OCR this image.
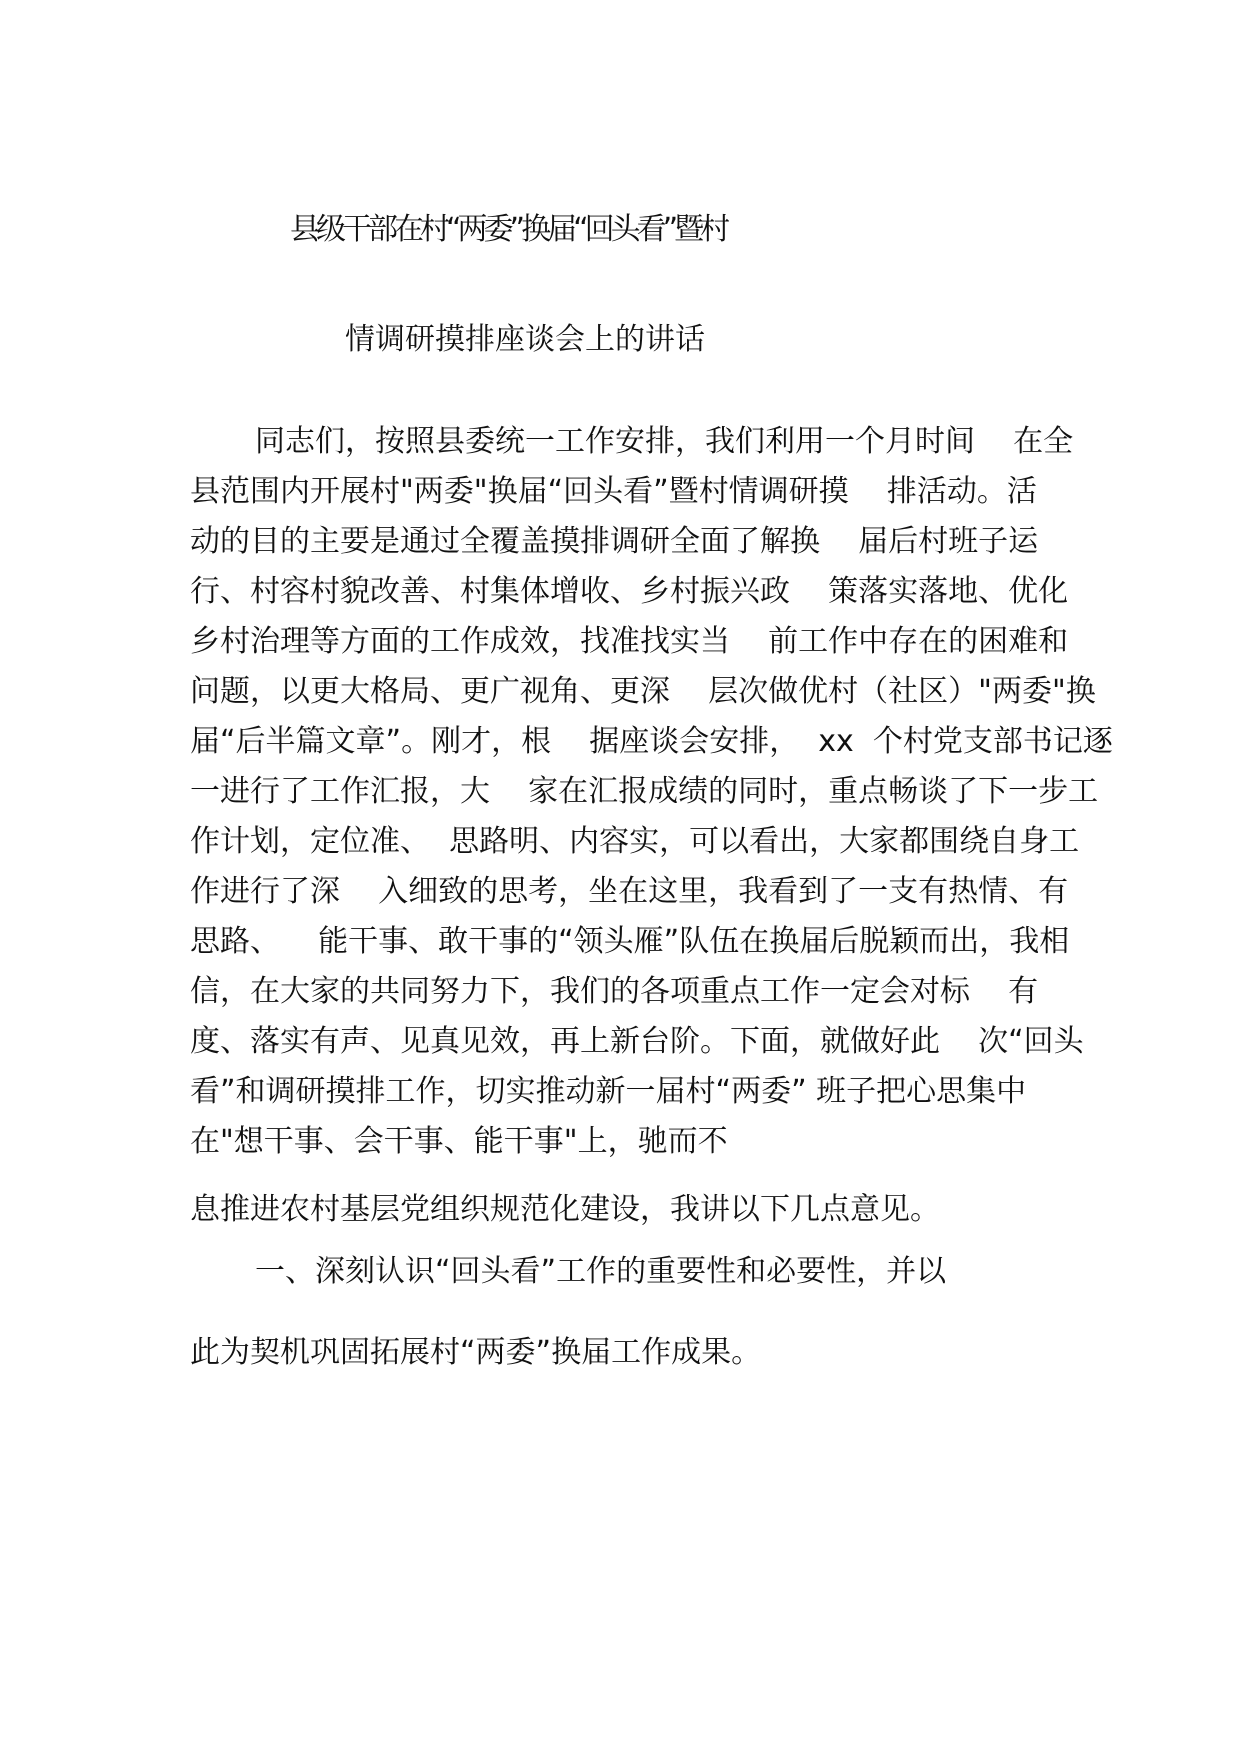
县级干部在村“两委”换届“回头看”暨村

情调研摸排座谈会上的讲话

同志们，按照县委统一工作安排，我们利用一个月时间    在全

县范围内开展村"两委"换届“回头看”暨村情调研摸    排活动。活

动的目的主要是通过全覆盖摸排调研全面了解换    届后村班子运

行、村容村貌改善、村集体增收、乡村振兴政    策落实落地、优化

乡村治理等方面的工作成效，找准找实当    前工作中存在的困难和

问题，以更大格局、更广视角、更深    层次做优村（社区）"两委"换

届“后半篇文章”。刚才，根    据座谈会安排，  xx  个村党支部书记逐

一进行了工作汇报，大    家在汇报成绩的同时，重点畅谈了下一步工

作计划，定位准、  思路明、内容实，可以看出，大家都围绕自身工

作进行了深    入细致的思考，坐在这里，我看到了一支有热情、有

思路、    能干事、敢干事的“领头雁”队伍在换届后脱颖而出，我相

信，在大家的共同努力下，我们的各项重点工作一定会对标    有

度、落实有声、见真见效，再上新台阶。下面，就做好此    次“回头

看”和调研摸排工作，切实推动新一届村“两委” 班子把心思集中

在"想干事、会干事、能干事"上，驰而不

息推进农村基层党组织规范化建设，我讲以下几点意见。

一、深刻认识“回头看”工作的重要性和必要性，并以

此为契机巩固拓展村“两委”换届工作成果。
